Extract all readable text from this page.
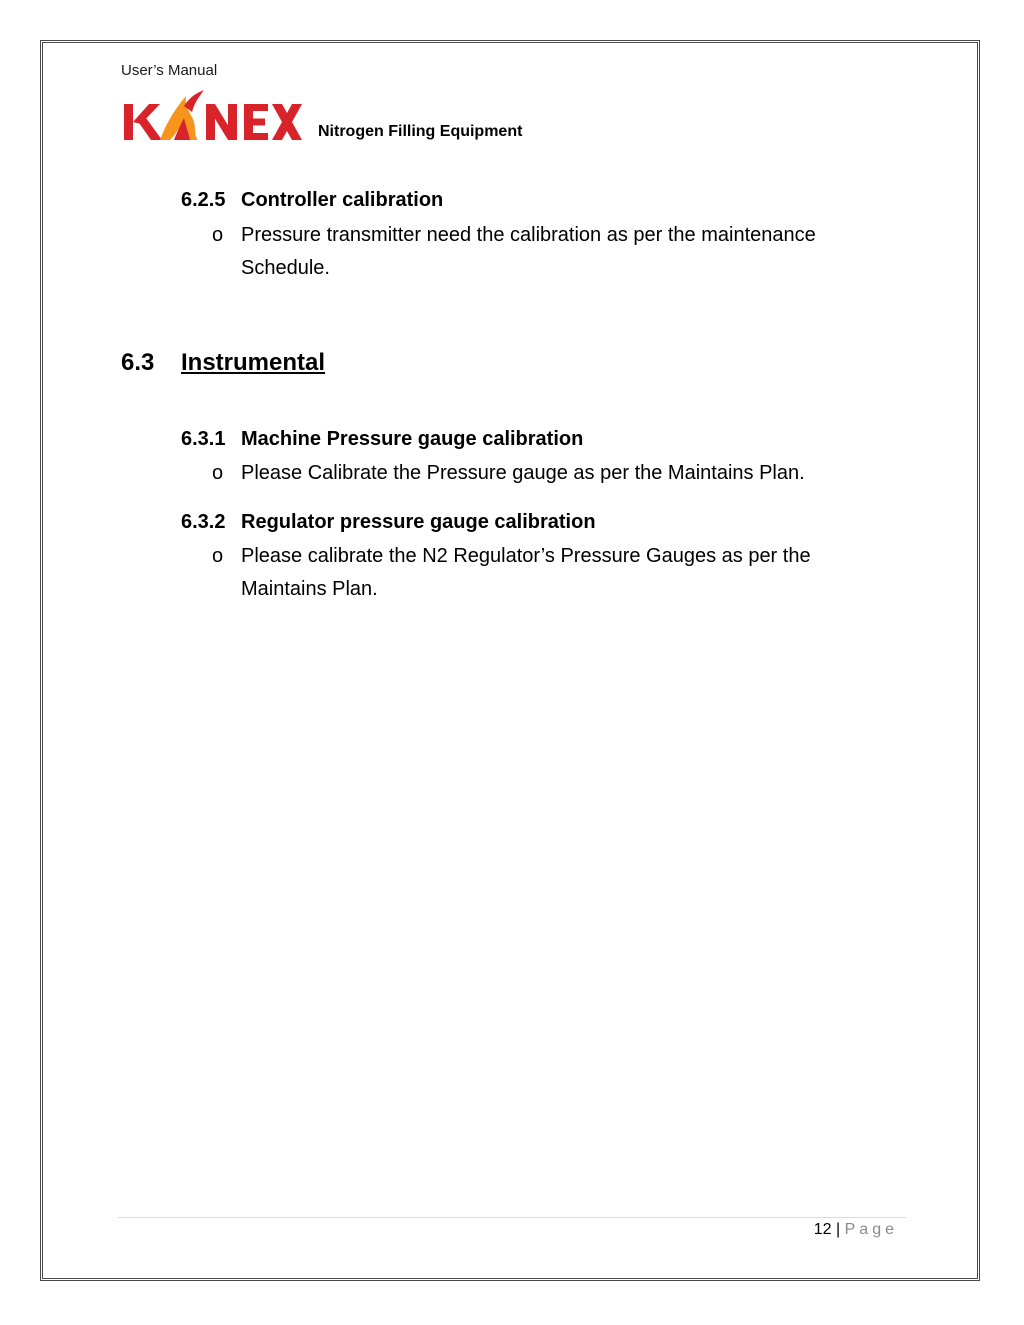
User’s Manual
Nitrogen Filling Equipment
6.2.5 Controller calibration
o Pressure transmitter need the calibration as per the maintenance Schedule.
6.3 Instrumental
6.3.1 Machine Pressure gauge calibration
o Please Calibrate the Pressure gauge as per the Maintains Plan.
6.3.2 Regulator pressure gauge calibration
o Please calibrate the N2 Regulator’s Pressure Gauges as per the Maintains Plan.
12 | Page
